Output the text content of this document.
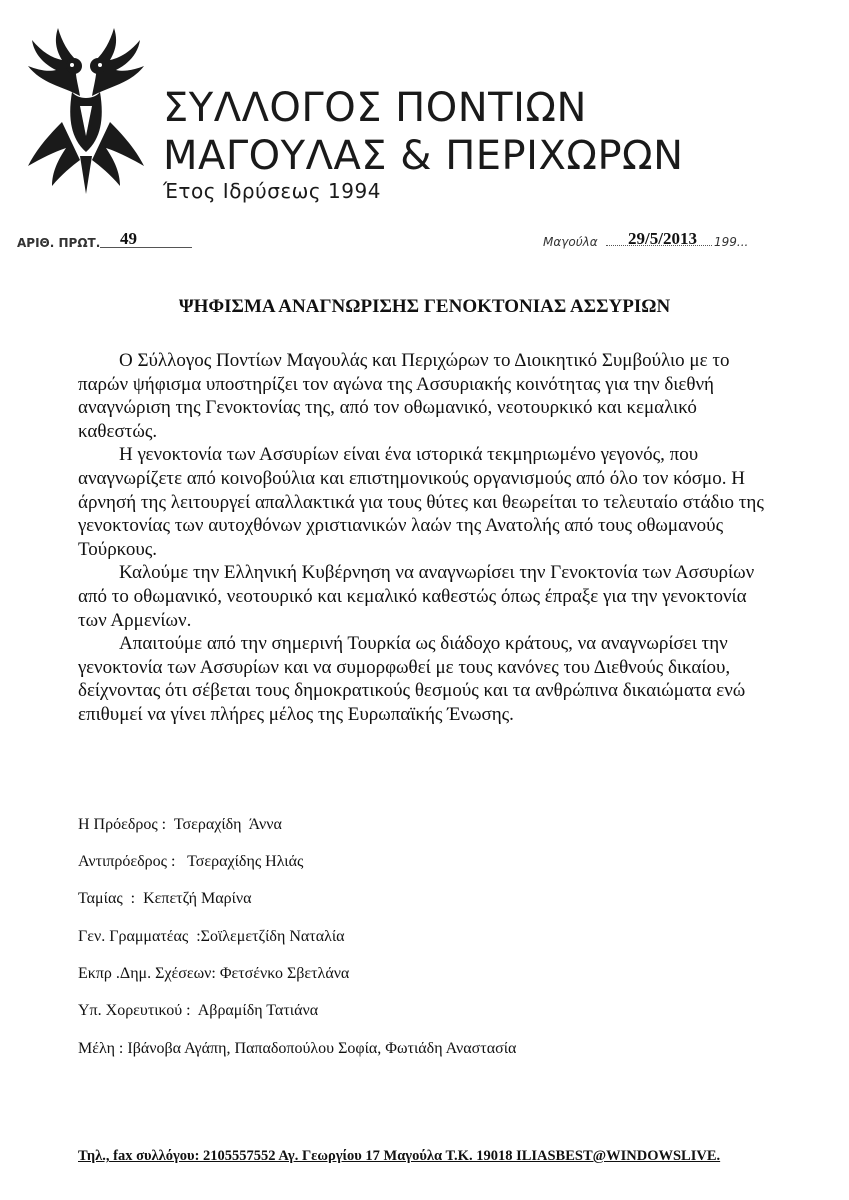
ΣΥΛΛΟΓΟΣ ΠΟΝΤΙΩΝ
ΜΑΓΟΥΛΑΣ & ΠΕΡΙΧΩΡΩΝ
Έτος Ιδρύσεως 1994
ΑΡΙΘ. ΠΡΩΤ. 49	Μαγούλα 29/5/2013 199...
ΨΗΦΙΣΜΑ ΑΝΑΓΝΩΡΙΣΗΣ ΓΕΝΟΚΤΟΝΙΑΣ ΑΣΣΥΡΙΩΝ

Ο Σύλλογος Ποντίων Μαγουλάς και Περιχώρων το Διοικητικό Συμβούλιο με το παρών ψήφισμα υποστηρίζει τον αγώνα της Ασσυριακής κοινότητας για την διεθνή αναγνώριση της Γενοκτονίας της, από τον οθωμανικό, νεοτουρκικό και κεμαλικό καθεστώς.

Η γενοκτονία των Ασσυρίων είναι ένα ιστορικά τεκμηριωμένο γεγονός, που αναγνωρίζετε από κοινοβούλια και επιστημονικούς οργανισμούς από όλο τον κόσμο. Η άρνησή της λειτουργεί απαλλακτικά για τους θύτες και θεωρείται το τελευταίο στάδιο της γενοκτονίας των αυτοχθόνων χριστιανικών λαών της Ανατολής από τους οθωμανούς Τούρκους.

Καλούμε την Ελληνική Κυβέρνηση να αναγνωρίσει την Γενοκτονία των Ασσυρίων από το οθωμανικό, νεοτουρικό και κεμαλικό καθεστώς όπως έπραξε για την γενοκτονία των Αρμενίων.

Απαιτούμε από την σημερινή Τουρκία ως διάδοχο κράτους, να αναγνωρίσει την γενοκτονία των Ασσυρίων και να συμορφωθεί με τους κανόνες του Διεθνούς δικαίου, δείχνοντας ότι σέβεται τους δημοκρατικούς θεσμούς και τα ανθρώπινα δικαιώματα ενώ επιθυμεί να γίνει πλήρες μέλος της Ευρωπαϊκής Ένωσης.

Η Πρόεδρος :  Τσεραχίδη  Άννα
Αντιπρόεδρος :   Τσεραχίδης Ηλιάς
Ταμίας  :  Κεπετζή Μαρίνα
Γεν. Γραμματέας  :Σοϊλεμετζίδη Ναταλία
Εκπρ .Δημ. Σχέσεων: Φετσένκο Σβετλάνα
Υπ. Χορευτικού :  Αβραμίδη Τατιάνα
Μέλη : Ιβάνοβα Αγάπη, Παπαδοπούλου Σοφία, Φωτιάδη Αναστασία
Τηλ., fax συλλόγου: 2105557552 Αγ. Γεωργίου 17 Μαγούλα Τ.Κ. 19018 ILIASBEST@WINDOWSLIVE.
